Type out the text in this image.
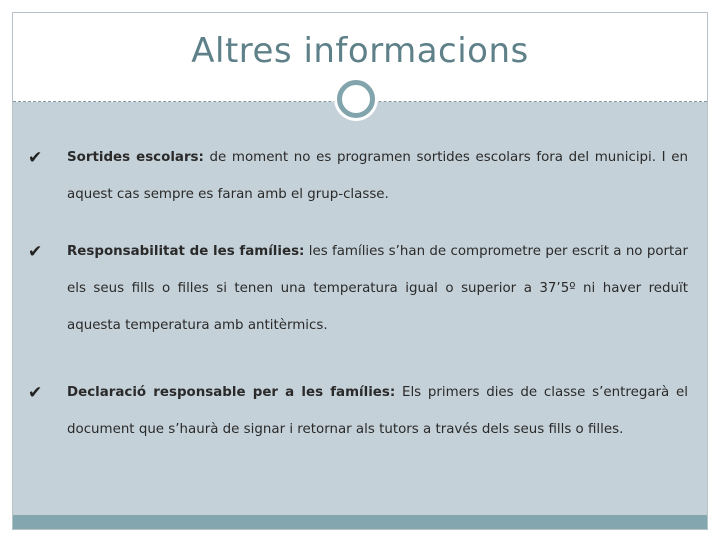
Altres informacions
✔ Sortides escolars: de moment no es programen sortides escolars fora del municipi. I en aquest cas sempre es faran amb el grup-classe.
✔ Responsabilitat de les famílies: les famílies s’han de comprometre per escrit a no portar els seus fills o filles si tenen una temperatura igual o superior a 37’5º ni haver reduït aquesta temperatura amb antitèrmics.
✔ Declaració responsable per a les famílies: Els primers dies de classe s’entregarà el document que s’haurà de signar i retornar als tutors a través dels seus fills o filles.
